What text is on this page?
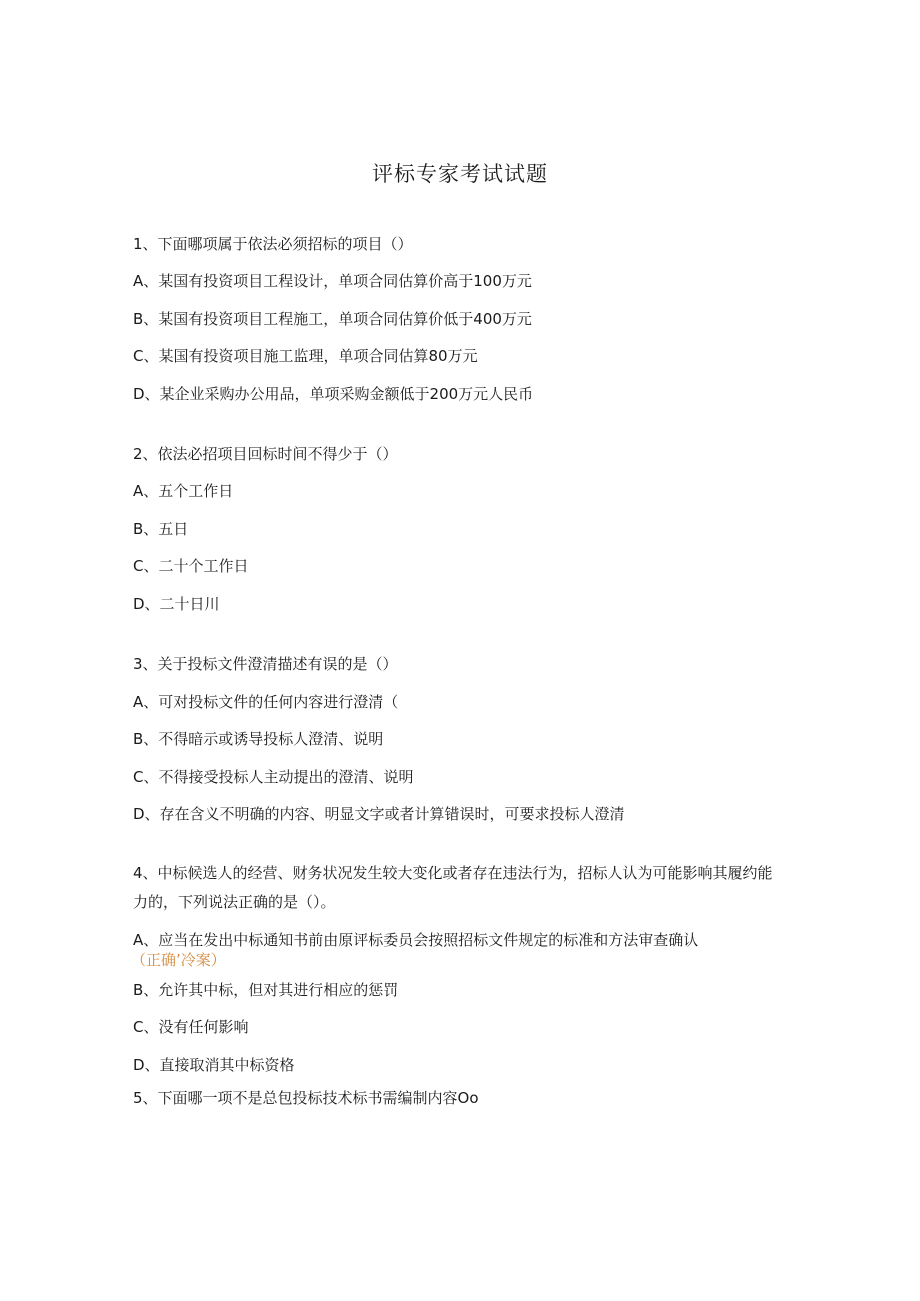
评标专家考试试题
1、下面哪项属于依法必须招标的项目（）
A、某国有投资项目工程设计，单项合同估算价高于100万元
B、某国有投资项目工程施工，单项合同估算价低于400万元
C、某国有投资项目施工监理，单项合同估算80万元
D、某企业采购办公用品，单项采购金额低于200万元人民币
2、依法必招项目回标时间不得少于（）
A、五个工作日
B、五日
C、二十个工作日
D、二十日川
3、关于投标文件澄清描述有误的是（）
A、可对投标文件的任何内容进行澄清（
B、不得暗示或诱导投标人澄清、说明
C、不得接受投标人主动提出的澄清、说明
D、存在含义不明确的内容、明显文字或者计算错误时，可要求投标人澄清
4、中标候选人的经营、财务状况发生较大变化或者存在违法行为，招标人认为可能影响其履约能力的，下列说法正确的是（）。
A、应当在发出中标通知书前由原评标委员会按照招标文件规定的标准和方法审查确认
（正确’冷案）
B、允许其中标，但对其进行相应的惩罚
C、没有任何影响
D、直接取消其中标资格
5、下面哪一项不是总包投标技术标书需编制内容Oo
